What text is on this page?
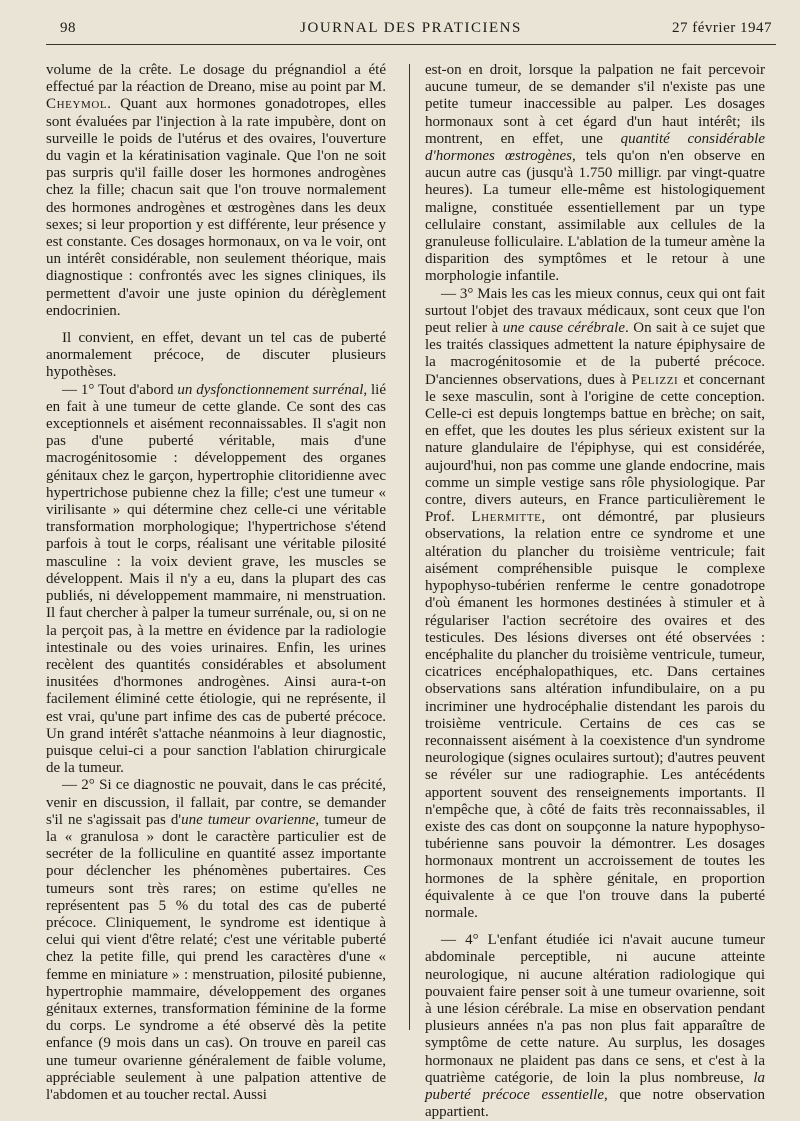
98	JOURNAL DES PRATICIENS	27 février 1947

volume de la crête. Le dosage du prégnandiol a été effectué par la réaction de Dreano, mise au point par M. Cheymol. Quant aux hormones gonadotropes, elles sont évaluées par l'injection à la rate impubère, dont on surveille le poids de l'utérus et des ovaires, l'ouverture du vagin et la kératinisation vaginale. Que l'on ne soit pas surpris qu'il faille doser les hormones androgènes chez la fille; chacun sait que l'on trouve normalement des hormones androgènes et œstrogènes dans les deux sexes; si leur proportion y est différente, leur présence y est constante. Ces dosages hormonaux, on va le voir, ont un intérêt considérable, non seulement théorique, mais diagnostique : confrontés avec les signes cliniques, ils permettent d'avoir une juste opinion du dérèglement endocrinien.

Il convient, en effet, devant un tel cas de puberté anormalement précoce, de discuter plusieurs hypothèses.

— 1° Tout d'abord un dysfonctionnement surrénal, lié en fait à une tumeur de cette glande. Ce sont des cas exceptionnels et aisément reconnaissables. Il s'agit non pas d'une puberté véritable, mais d'une macrogénitosomie : développement des organes génitaux chez le garçon, hypertrophie clitoridienne avec hypertrichose pubienne chez la fille; c'est une tumeur « virilisante » qui détermine chez celle-ci une véritable transformation morphologique; l'hypertrichose s'étend parfois à tout le corps, réalisant une véritable pilosité masculine : la voix devient grave, les muscles se développent. Mais il n'y a eu, dans la plupart des cas publiés, ni développement mammaire, ni menstruation. Il faut chercher à palper la tumeur surrénale, ou, si on ne la perçoit pas, à la mettre en évidence par la radiologie intestinale ou des voies urinaires. Enfin, les urines recèlent des quantités considérables et absolument inusitées d'hormones androgènes. Ainsi aura-t-on facilement éliminé cette étiologie, qui ne représente, il est vrai, qu'une part infime des cas de puberté précoce. Un grand intérêt s'attache néanmoins à leur diagnostic, puisque celui-ci a pour sanction l'ablation chirurgicale de la tumeur.

— 2° Si ce diagnostic ne pouvait, dans le cas précité, venir en discussion, il fallait, par contre, se demander s'il ne s'agissait pas d'une tumeur ovarienne, tumeur de la « granulosa » dont le caractère particulier est de secréter de la folliculine en quantité assez importante pour déclencher les phénomènes pubertaires. Ces tumeurs sont très rares; on estime qu'elles ne représentent pas 5 % du total des cas de puberté précoce. Cliniquement, le syndrome est identique à celui qui vient d'être relaté; c'est une véritable puberté chez la petite fille, qui prend les caractères d'une « femme en miniature » : menstruation, pilosité pubienne, hypertrophie mammaire, développement des organes génitaux externes, transformation féminine de la forme du corps. Le syndrome a été observé dès la petite enfance (9 mois dans un cas). On trouve en pareil cas une tumeur ovarienne généralement de faible volume, appréciable seulement à une palpation attentive de l'abdomen et au toucher rectal. Aussi

est-on en droit, lorsque la palpation ne fait percevoir aucune tumeur, de se demander s'il n'existe pas une petite tumeur inaccessible au palper. Les dosages hormonaux sont à cet égard d'un haut intérêt; ils montrent, en effet, une quantité considérable d'hormones œstrogènes, tels qu'on n'en observe en aucun autre cas (jusqu'à 1.750 milligr. par vingt-quatre heures). La tumeur elle-même est histologiquement maligne, constituée essentiellement par un type cellulaire constant, assimilable aux cellules de la granuleuse folliculaire. L'ablation de la tumeur amène la disparition des symptômes et le retour à une morphologie infantile.

— 3° Mais les cas les mieux connus, ceux qui ont fait surtout l'objet des travaux médicaux, sont ceux que l'on peut relier à une cause cérébrale. On sait à ce sujet que les traités classiques admettent la nature épiphysaire de la macrogénitosomie et de la puberté précoce. D'anciennes observations, dues à Pelizzi et concernant le sexe masculin, sont à l'origine de cette conception. Celle-ci est depuis longtemps battue en brèche; on sait, en effet, que les doutes les plus sérieux existent sur la nature glandulaire de l'épiphyse, qui est considérée, aujourd'hui, non pas comme une glande endocrine, mais comme un simple vestige sans rôle physiologique. Par contre, divers auteurs, en France particulièrement le Prof. Lhermitte, ont démontré, par plusieurs observations, la relation entre ce syndrome et une altération du plancher du troisième ventricule; fait aisément compréhensible puisque le complexe hypophyso-tubérien renferme le centre gonadotrope d'où émanent les hormones destinées à stimuler et à régulariser l'action secrétoire des ovaires et des testicules. Des lésions diverses ont été observées : encéphalite du plancher du troisième ventricule, tumeur, cicatrices encéphalopathiques, etc. Dans certaines observations sans altération infundibulaire, on a pu incriminer une hydrocéphalie distendant les parois du troisième ventricule. Certains de ces cas se reconnaissent aisément à la coexistence d'un syndrome neurologique (signes oculaires surtout); d'autres peuvent se révéler sur une radiographie. Les antécédents apportent souvent des renseignements importants. Il n'empêche que, à côté de faits très reconnaissables, il existe des cas dont on soupçonne la nature hypophyso-tubérienne sans pouvoir la démontrer. Les dosages hormonaux montrent un accroissement de toutes les hormones de la sphère génitale, en proportion équivalente à ce que l'on trouve dans la puberté normale.

— 4° L'enfant étudiée ici n'avait aucune tumeur abdominale perceptible, ni aucune atteinte neurologique, ni aucune altération radiologique qui pouvaient faire penser soit à une tumeur ovarienne, soit à une lésion cérébrale. La mise en observation pendant plusieurs années n'a pas non plus fait apparaître de symptôme de cette nature. Au surplus, les dosages hormonaux ne plaident pas dans ce sens, et c'est à la quatrième catégorie, de loin la plus nombreuse, la puberté précoce essentielle, que notre observation appartient.
